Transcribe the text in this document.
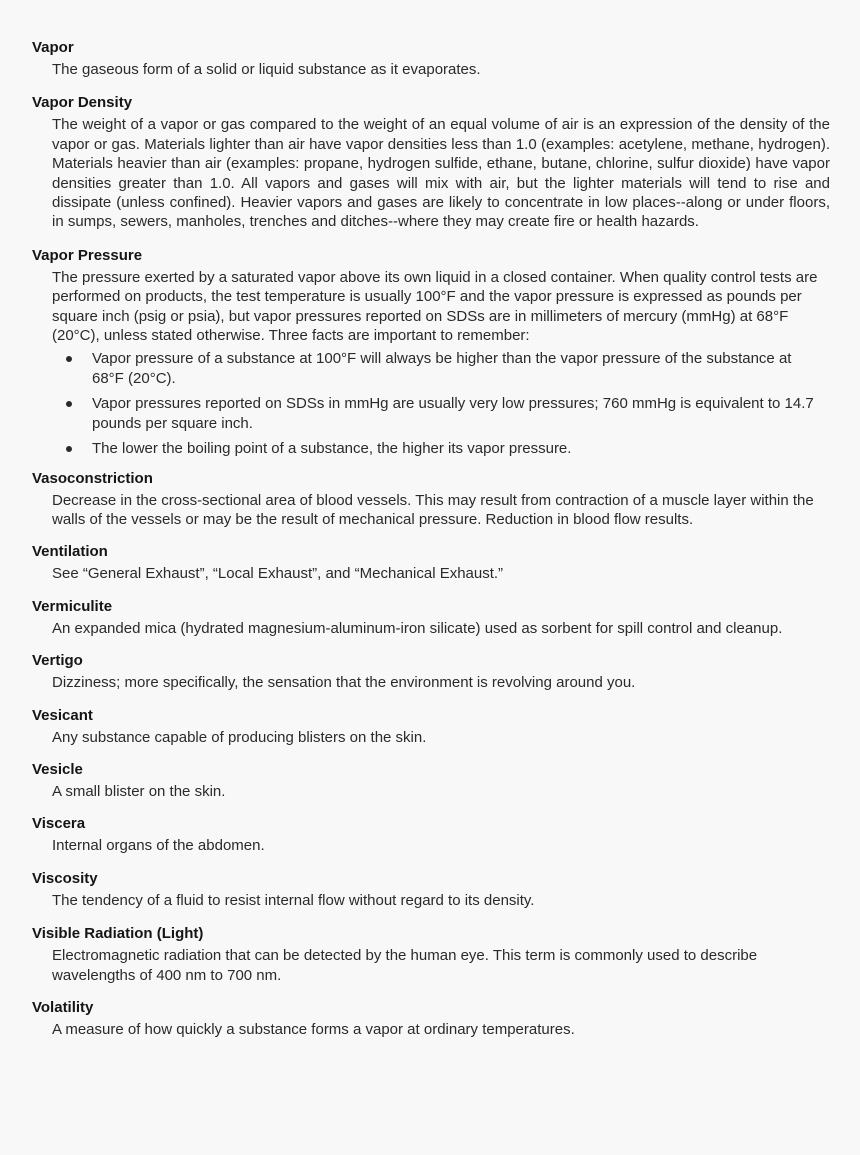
Vapor

The gaseous form of a solid or liquid substance as it evaporates.

Vapor Density

The weight of a vapor or gas compared to the weight of an equal volume of air is an expression of the density of the vapor or gas. Materials lighter than air have vapor densities less than 1.0 (examples: acetylene, methane, hydrogen). Materials heavier than air (examples: propane, hydrogen sulfide, ethane, butane, chlorine, sulfur dioxide) have vapor densities greater than 1.0. All vapors and gases will mix with air, but the lighter materials will tend to rise and dissipate (unless confined). Heavier vapors and gases are likely to concentrate in low places--along or under floors, in sumps, sewers, manholes, trenches and ditches--where they may create fire or health hazards.

Vapor Pressure

The pressure exerted by a saturated vapor above its own liquid in a closed container. When quality control tests are performed on products, the test temperature is usually 100°F and the vapor pressure is expressed as pounds per square inch (psig or psia), but vapor pressures reported on SDSs are in millimeters of mercury (mmHg) at 68°F (20°C), unless stated otherwise. Three facts are important to remember:

Vapor pressure of a substance at 100°F will always be higher than the vapor pressure of the substance at 68°F (20°C).
Vapor pressures reported on SDSs in mmHg are usually very low pressures; 760 mmHg is equivalent to 14.7 pounds per square inch.
The lower the boiling point of a substance, the higher its vapor pressure.
Vasoconstriction

Decrease in the cross-sectional area of blood vessels. This may result from contraction of a muscle layer within the walls of the vessels or may be the result of mechanical pressure. Reduction in blood flow results.

Ventilation

See “General Exhaust”, “Local Exhaust”, and “Mechanical Exhaust.”

Vermiculite

An expanded mica (hydrated magnesium-aluminum-iron silicate) used as sorbent for spill control and cleanup.

Vertigo

Dizziness; more specifically, the sensation that the environment is revolving around you.

Vesicant

Any substance capable of producing blisters on the skin.

Vesicle

A small blister on the skin.

Viscera

Internal organs of the abdomen.

Viscosity

The tendency of a fluid to resist internal flow without regard to its density.

Visible Radiation (Light)

Electromagnetic radiation that can be detected by the human eye. This term is commonly used to describe wavelengths of 400 nm to 700 nm.

Volatility

A measure of how quickly a substance forms a vapor at ordinary temperatures.
